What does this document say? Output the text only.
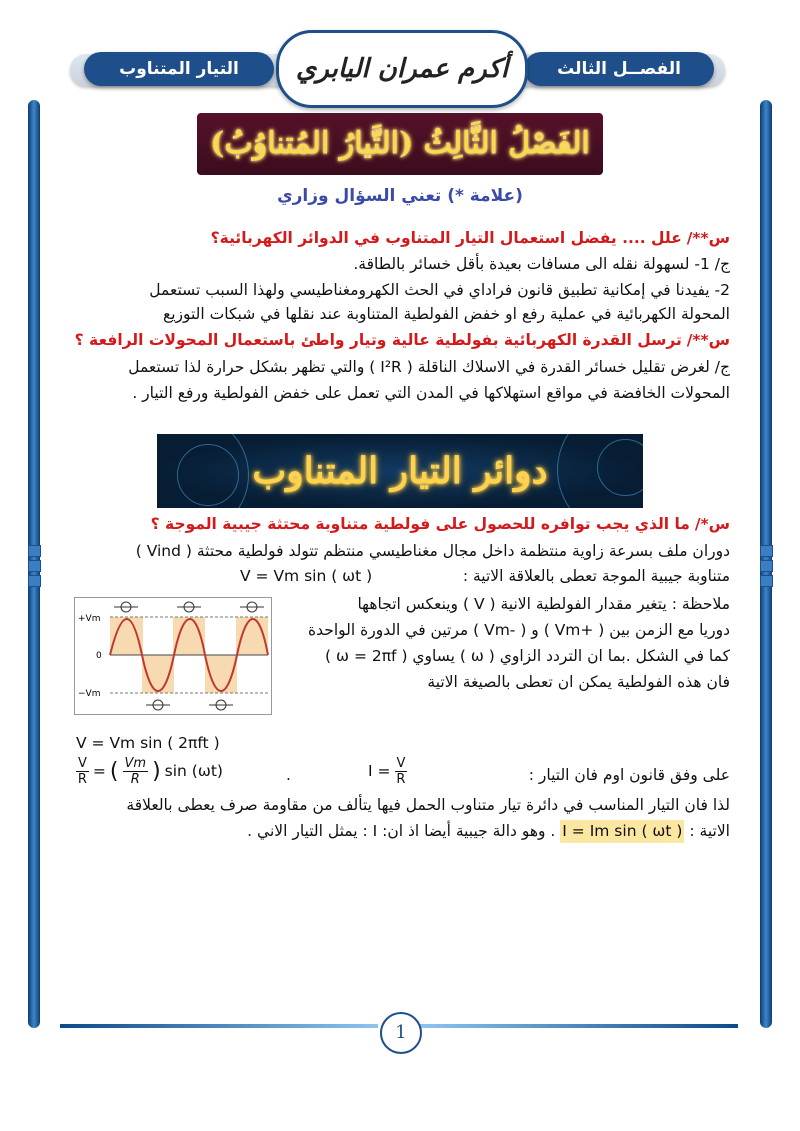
التيار المتناوب	الفصــل الثالث
أكرم عمران اليابري
الفَصْلُ الثَّالِثُ (التَّيارُ المُتناوُبُ)
(علامة *) تعني السؤال وزاري
س**/ علل .... يفضل استعمال التيار المتناوب في الدوائر الكهربائية؟
ج/ 1- لسهولة نقله الى مسافات بعيدة بأقل خسائر بالطاقة.
2- يفيدنا في إمكانية تطبيق قانون فراداي في الحث الكهرومغناطيسي ولهذا السبب تستعمل
المحولة الكهربائية في عملية رفع او خفض الفولطية المتناوبة عند نقلها في شبكات التوزيع
س**/ ترسل القدرة الكهربائية بفولطية عالية وتيار واطئ باستعمال المحولات الرافعة ؟
ج/ لغرض تقليل خسائر القدرة في الاسلاك الناقلة ( I²R ) والتي تظهر بشكل حرارة لذا تستعمل
المحولات الخافضة في مواقع استهلاكها في المدن التي تعمل على خفض الفولطية ورفع التيار .
دوائر التيار المتناوب
س*/ ما الذي يجب توافره للحصول على فولطية متناوبة محتثة جيبية الموجة ؟
دوران ملف بسرعة زاوية منتظمة داخل مجال مغناطيسي منتظم تتولد فولطية محتثة ( Vind )
متناوبة جيبية الموجة تعطى بالعلاقة الاتية :
V = Vm sin ( ωt )
ملاحظة : يتغير مقدار الفولطية الانية ( V ) وينعكس اتجاهها
دوريا مع الزمن بين ( +Vm ) و ( -Vm ) مرتين في الدورة الواحدة
كما في الشكل .بما ان التردد الزاوي ( ω ) يساوي ( ω = 2πf )
فان هذه الفولطية يمكن ان تعطى بالصيغة الاتية
+Vm
0
−Vm
V = Vm sin ( 2πft )
$\frac{V}{R}$ = ( $\frac{Vm}{R}$ ) sin (ωt)	.	$I = \frac{V}{R}$	على وفق قانون اوم فان التيار :
لذا فان التيار المناسب في دائرة تيار متناوب الحمل فيها يتألف من مقاومة صرف يعطى بالعلاقة
الاتية : I = Im sin ( ωt ) . وهو دالة جيبية أيضا اذ ان: I : يمثل التيار الاني .
1
